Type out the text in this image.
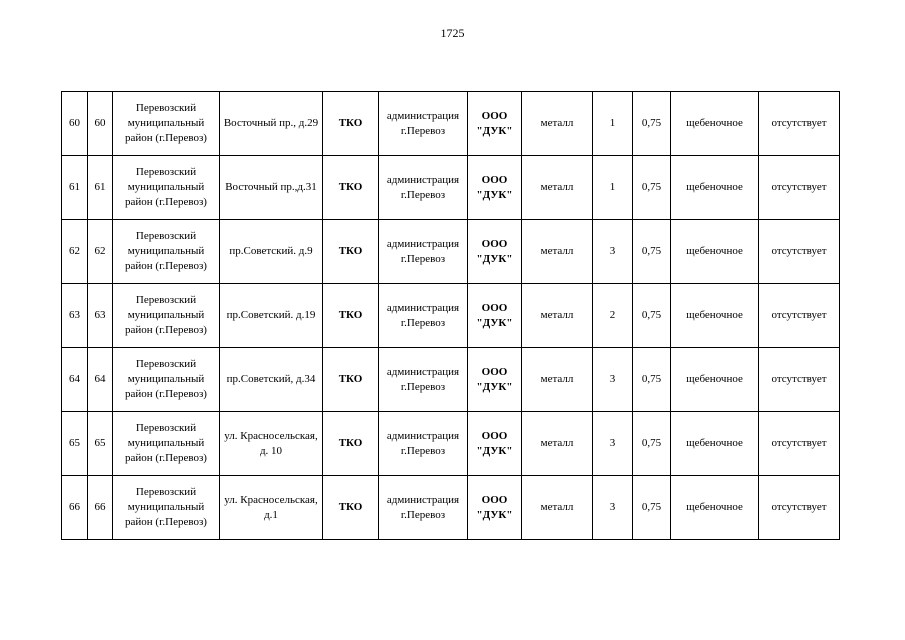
1725
60	60	Перевозский муниципальный район (г.Перевоз)	Восточный пр., д.29	ТКО	администрация г.Перевоз	ООО "ДУК"	металл	1	0,75	щебеночное	отсутствует
61	61	Перевозский муниципальный район (г.Перевоз)	Восточный пр.,д.31	ТКО	администрация г.Перевоз	ООО "ДУК"	металл	1	0,75	щебеночное	отсутствует
62	62	Перевозский муниципальный район (г.Перевоз)	пр.Советский. д.9	ТКО	администрация г.Перевоз	ООО "ДУК"	металл	3	0,75	щебеночное	отсутствует
63	63	Перевозский муниципальный район (г.Перевоз)	пр.Советский. д.19	ТКО	администрация г.Перевоз	ООО "ДУК"	металл	2	0,75	щебеночное	отсутствует
64	64	Перевозский муниципальный район (г.Перевоз)	пр.Советский, д.34	ТКО	администрация г.Перевоз	ООО "ДУК"	металл	3	0,75	щебеночное	отсутствует
65	65	Перевозский муниципальный район (г.Перевоз)	ул. Красносельская, д. 10	ТКО	администрация г.Перевоз	ООО "ДУК"	металл	3	0,75	щебеночное	отсутствует
66	66	Перевозский муниципальный район (г.Перевоз)	ул. Красносельская, д.1	ТКО	администрация г.Перевоз	ООО "ДУК"	металл	3	0,75	щебеночное	отсутствует
